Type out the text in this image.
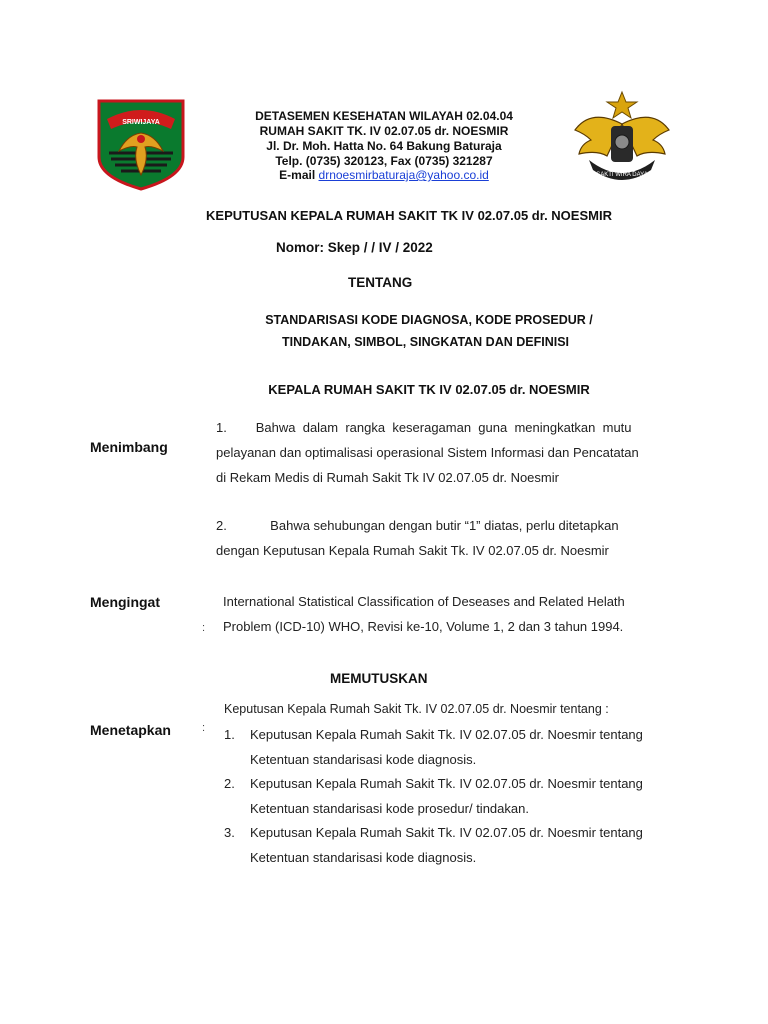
SRIWIJAYA
SAKTI WIRA DAYA
DETASEMEN KESEHATAN WILAYAH 02.04.04
RUMAH SAKIT TK. IV 02.07.05 dr. NOESMIR
Jl. Dr. Moh. Hatta No. 64 Bakung Baturaja
Telp. (0735) 320123, Fax (0735) 321287
E-mail drnoesmirbaturaja@yahoo.co.id
KEPUTUSAN KEPALA RUMAH SAKIT TK IV 02.07.05 dr. NOESMIR
Nomor: Skep / / IV / 2022
TENTANG
STANDARISASI KODE DIAGNOSA, KODE PROSEDUR /
TINDAKAN, SIMBOL, SINGKATAN DAN DEFINISI
KEPALA RUMAH SAKIT TK IV 02.07.05 dr. NOESMIR
Menimbang
1.        Bahwa  dalam  rangka  keseragaman  guna  meningkatkan  mutu
pelayanan dan optimalisasi operasional Sistem Informasi dan Pencatatan
di Rekam Medis di Rumah Sakit Tk IV 02.07.05 dr. Noesmir
2.            Bahwa sehubungan dengan butir “1” diatas, perlu ditetapkan
dengan Keputusan Kepala Rumah Sakit Tk. IV 02.07.05 dr. Noesmir
Mengingat
:
International Statistical Classification of Deseases and Related Helath
Problem (ICD-10) WHO, Revisi ke-10, Volume 1, 2 dan 3 tahun 1994.
MEMUTUSKAN
Menetapkan	:
Keputusan Kepala Rumah Sakit Tk. IV 02.07.05 dr. Noesmir tentang :
1. Keputusan Kepala Rumah Sakit Tk. IV 02.07.05 dr. Noesmir tentang
Ketentuan standarisasi kode diagnosis.
2. Keputusan Kepala Rumah Sakit Tk. IV 02.07.05 dr. Noesmir tentang
Ketentuan standarisasi kode prosedur/ tindakan.
3. Keputusan Kepala Rumah Sakit Tk. IV 02.07.05 dr. Noesmir tentang
Ketentuan standarisasi kode diagnosis.
